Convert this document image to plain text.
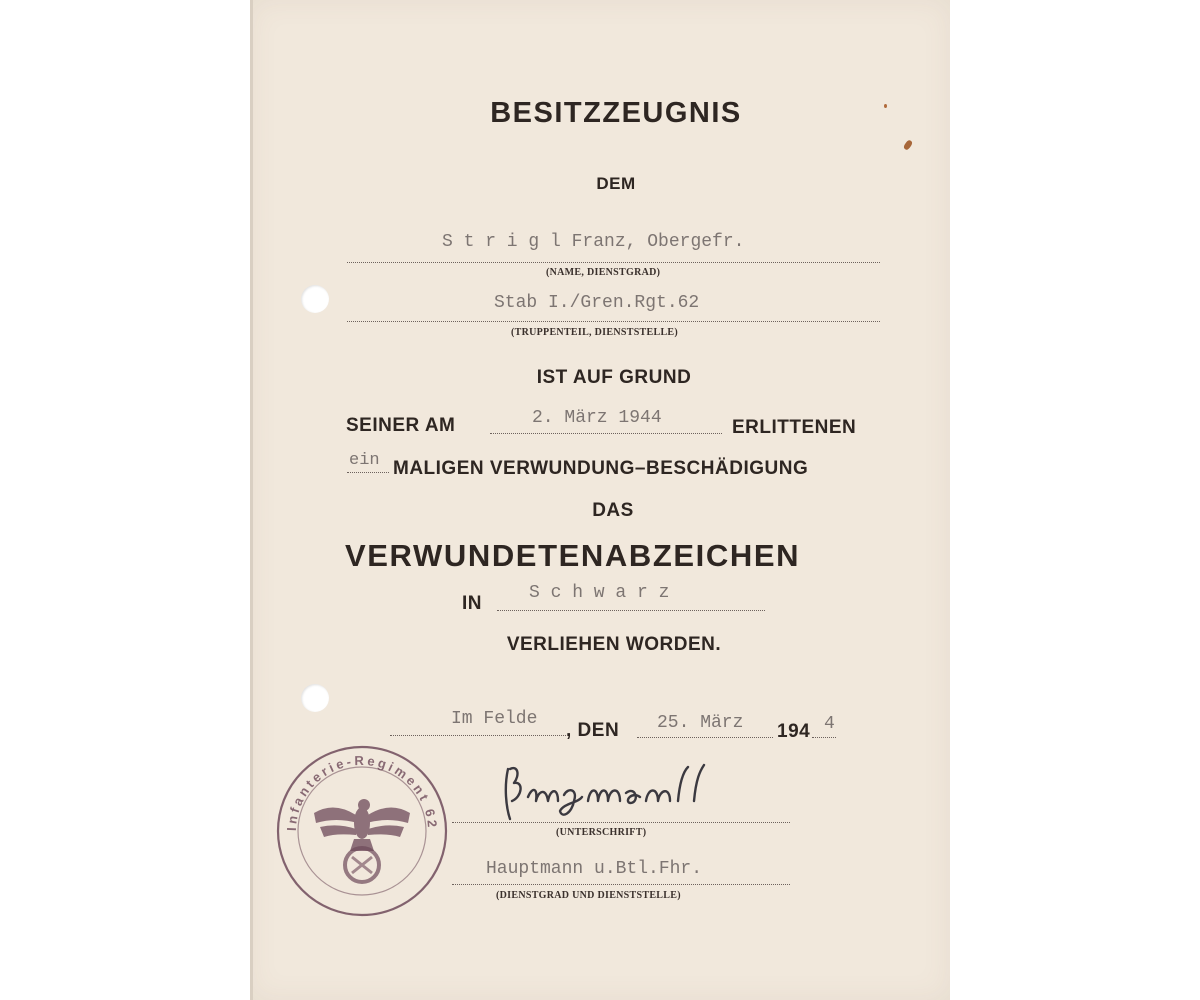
BESITZZEUGNIS
DEM
S t r i g l Franz, Obergefr.
(NAME, DIENSTGRAD)
Stab I./Gren.Rgt.62
(TRUPPENTEIL, DIENSTSTELLE)
IST AUF GRUND
SEINER AM	2. März 1944	ERLITTENEN
ein MALIGEN VERWUNDUNG–BESCHÄDIGUNG
DAS
VERWUNDETENABZEICHEN
IN	S c h w a r z
VERLIEHEN WORDEN.
Im Felde
, DEN 25. März 194 4
Infanterie-Regiment 62
(UNTERSCHRIFT)
Hauptmann u.Btl.Fhr.
(DIENSTGRAD UND DIENSTSTELLE)
